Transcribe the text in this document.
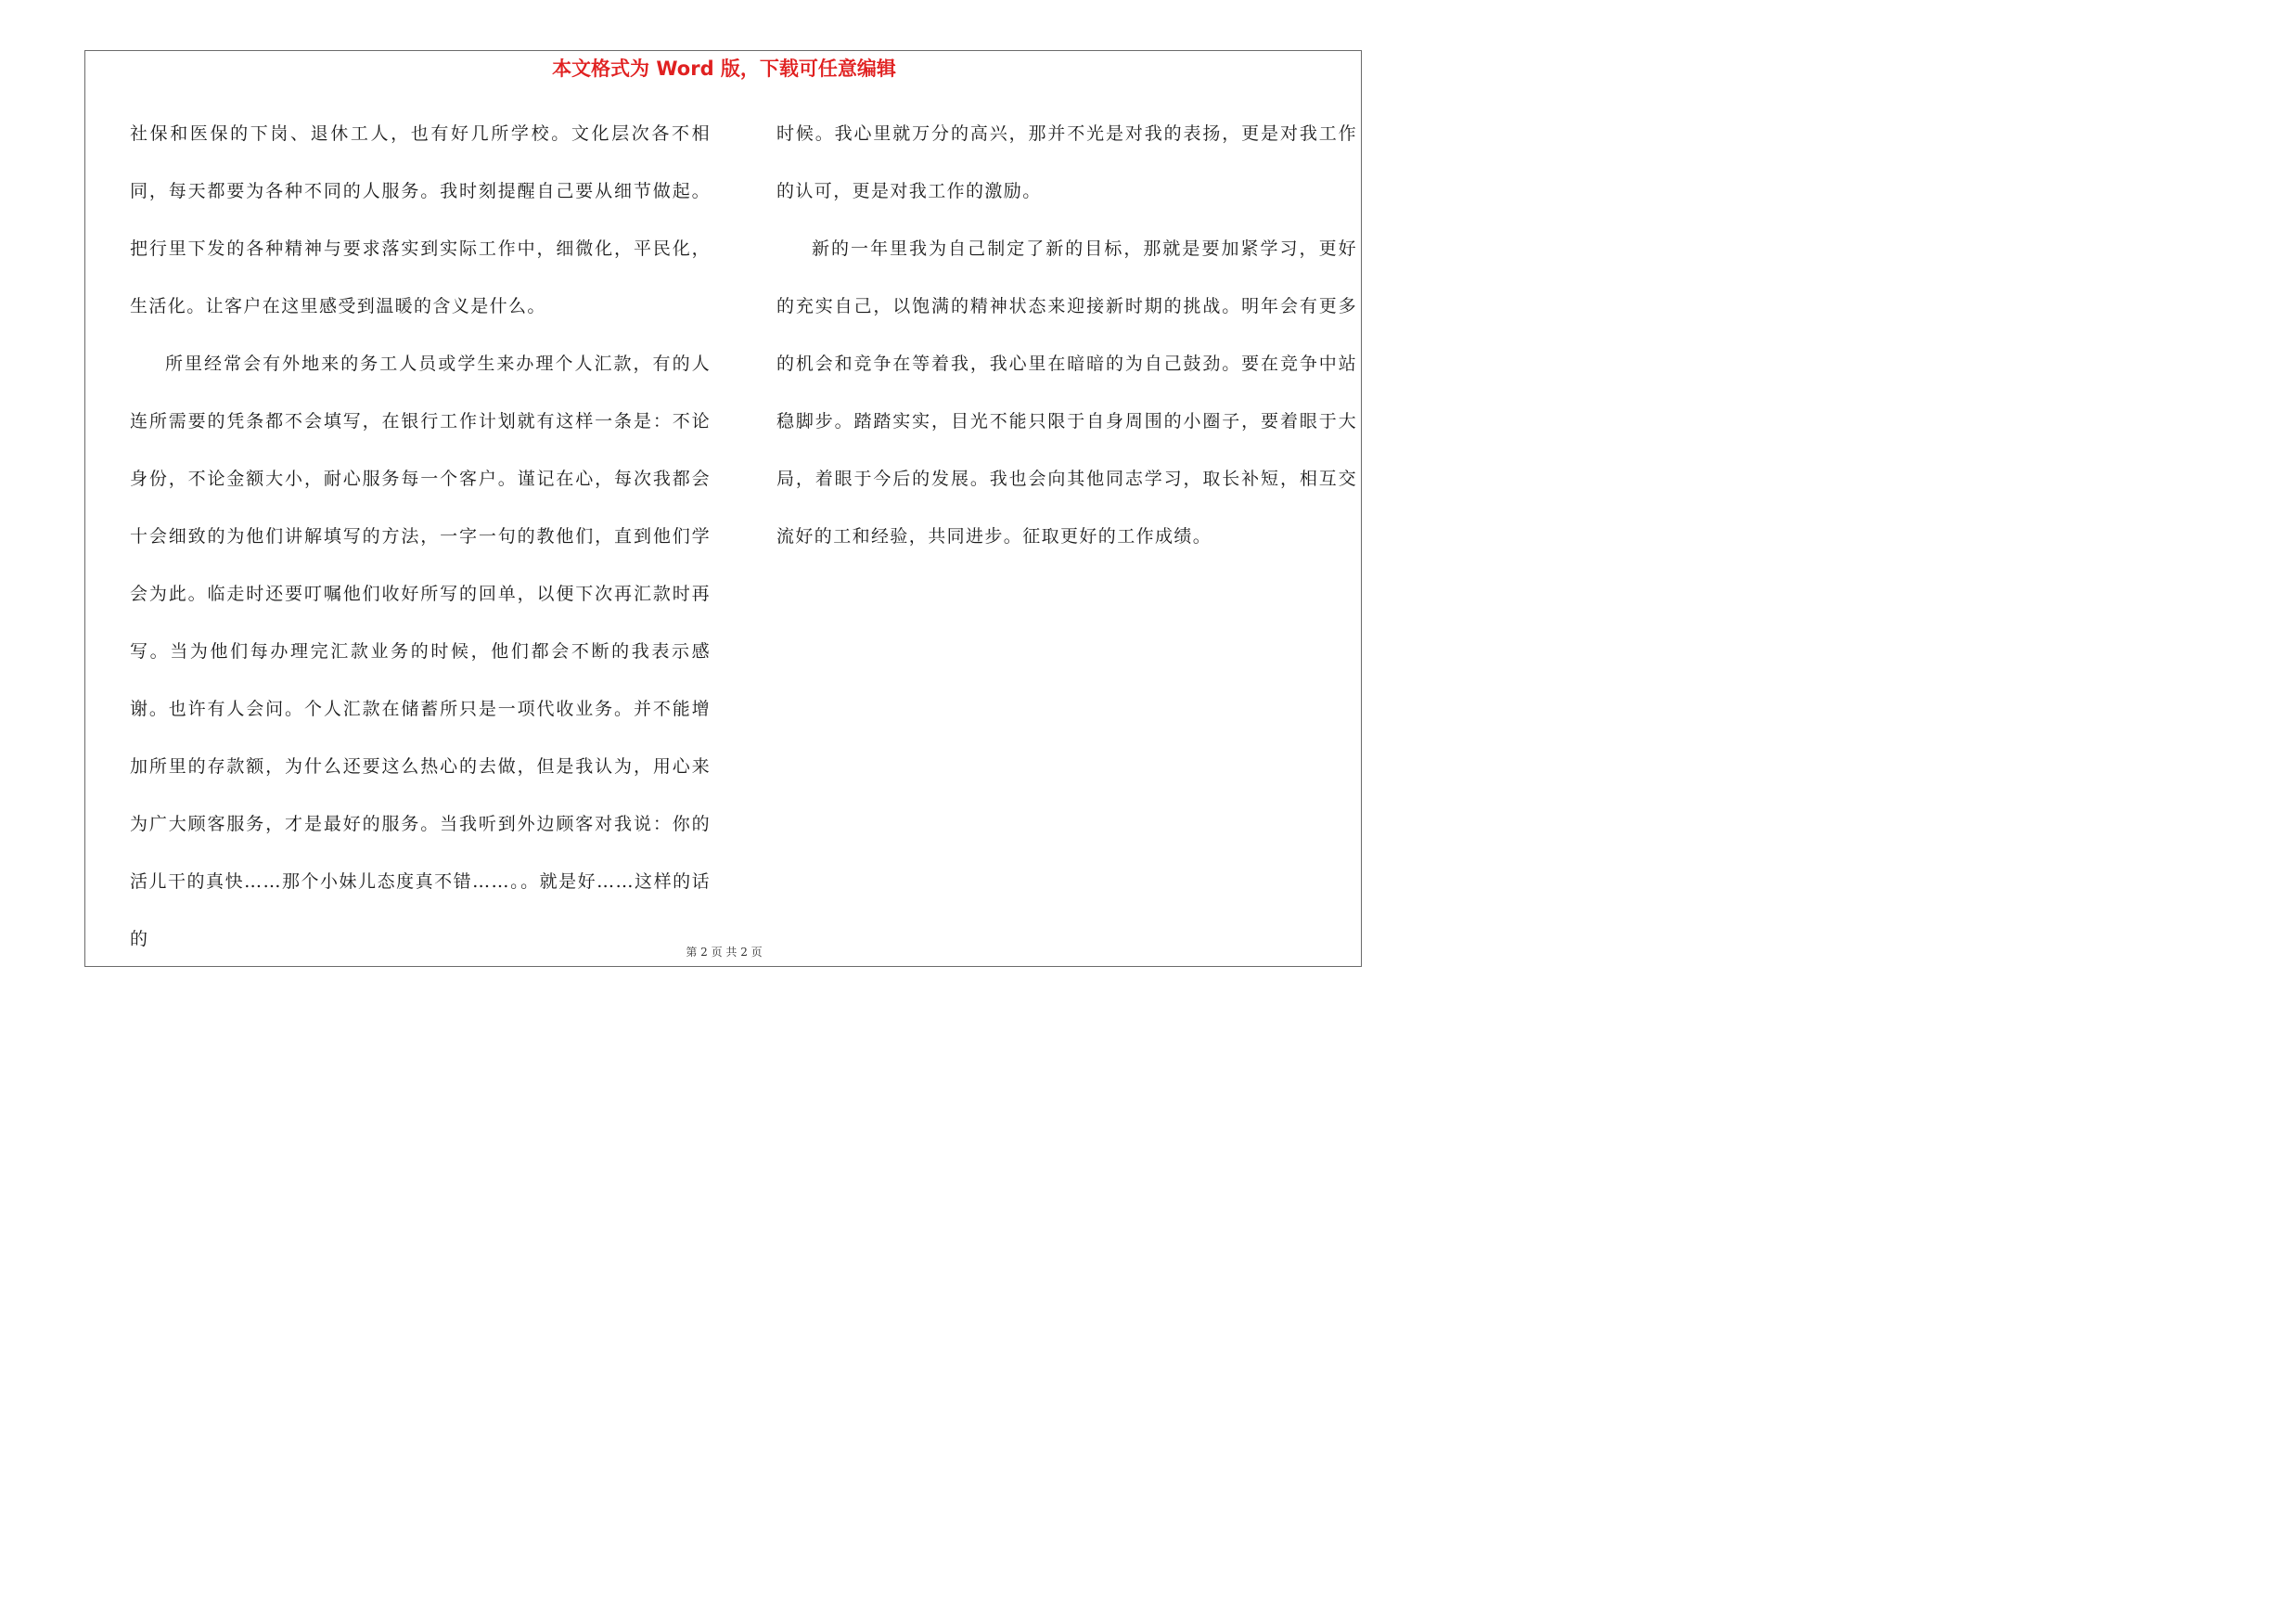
本文格式为 Word 版，下载可任意编辑

社保和医保的下岗、退休工人，也有好几所学校。文化层次各不相同，每天都要为各种不同的人服务。我时刻提醒自己要从细节做起。把行里下发的各种精神与要求落实到实际工作中，细微化，平民化，生活化。让客户在这里感受到温暖的含义是什么。

所里经常会有外地来的务工人员或学生来办理个人汇款，有的人连所需要的凭条都不会填写，在银行工作计划就有这样一条是：不论身份，不论金额大小，耐心服务每一个客户。谨记在心，每次我都会十会细致的为他们讲解填写的方法，一字一句的教他们，直到他们学会为此。临走时还要叮嘱他们收好所写的回单，以便下次再汇款时再写。当为他们每办理完汇款业务的时候，他们都会不断的我表示感谢。也许有人会问。个人汇款在储蓄所只是一项代收业务。并不能增加所里的存款额，为什么还要这么热心的去做，但是我认为，用心来为广大顾客服务，才是最好的服务。当我听到外边顾客对我说：你的活儿干的真快……那个小妹儿态度真不错……。。就是好……这样的话的

时候。我心里就万分的高兴，那并不光是对我的表扬，更是对我工作的认可，更是对我工作的激励。

新的一年里我为自己制定了新的目标，那就是要加紧学习，更好的充实自己，以饱满的精神状态来迎接新时期的挑战。明年会有更多的机会和竞争在等着我，我心里在暗暗的为自己鼓劲。要在竞争中站稳脚步。踏踏实实，目光不能只限于自身周围的小圈子，要着眼于大局，着眼于今后的发展。我也会向其他同志学习，取长补短，相互交流好的工和经验，共同进步。征取更好的工作成绩。

第 2 页 共 2 页
